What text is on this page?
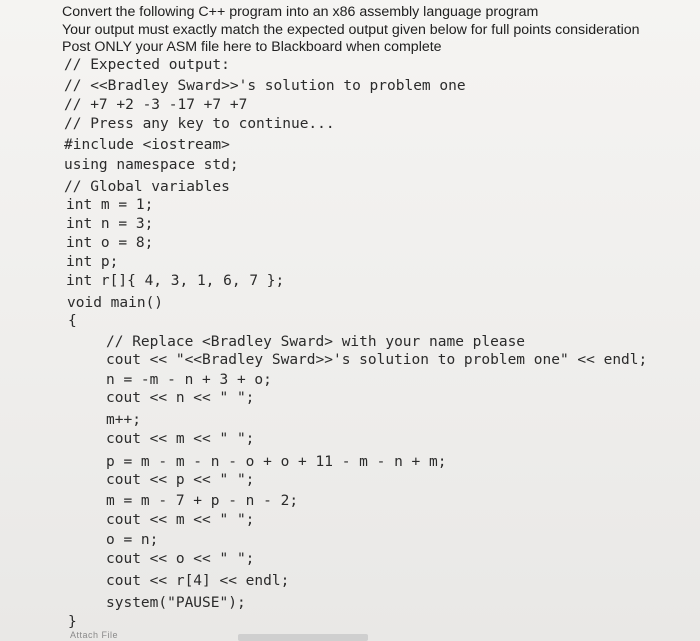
Convert the following C++ program into an x86 assembly language program
Your output must exactly match the expected output given below for full points consideration
Post ONLY your ASM file here to Blackboard when complete
// Expected output:
// <<Bradley Sward>>'s solution to problem one
// +7 +2 -3 -17 +7 +7
// Press any key to continue...
#include <iostream>
using namespace std;
// Global variables
int m = 1;
int n = 3;
int o = 8;
int p;
int r[]{ 4, 3, 1, 6, 7 };
void main()
{
// Replace <Bradley Sward> with your name please
cout << "<<Bradley Sward>>'s solution to problem one" << endl;
n = -m - n + 3 + o;
cout << n << " ";
m++;
cout << m << " ";
p = m - m - n - o + o + 11 - m - n + m;
cout << p << " ";
m = m - 7 + p - n - 2;
cout << m << " ";
o = n;
cout << o << " ";
cout << r[4] << endl;
system("PAUSE");
}
Attach File
